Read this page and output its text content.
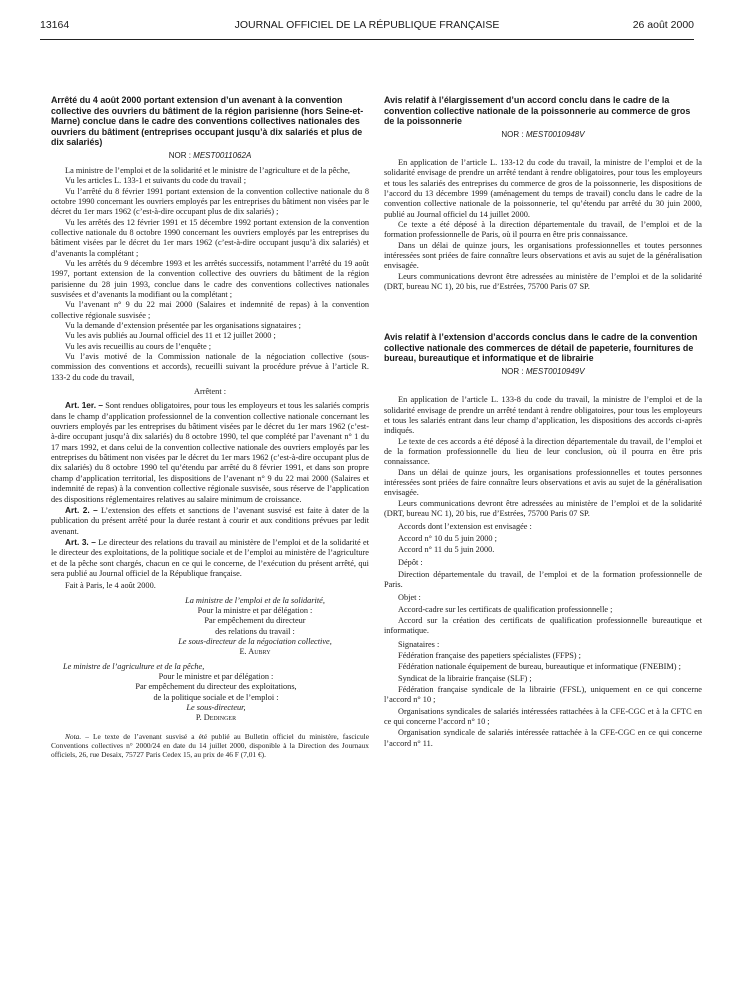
13164	JOURNAL OFFICIEL DE LA RÉPUBLIQUE FRANÇAISE	26 août 2000

Arrêté du 4 août 2000 portant extension d’un avenant à la convention collective des ouvriers du bâtiment de la région parisienne (hors Seine-et-Marne) conclue dans le cadre des conventions collectives nationales des ouvriers du bâtiment (entreprises occupant jusqu’à dix salariés et plus de dix salariés)

NOR : MEST0011062A

La ministre de l’emploi et de la solidarité et le ministre de l’agriculture et de la pêche,

Vu les articles L. 133-1 et suivants du code du travail ;

Vu l’arrêté du 8 février 1991 portant extension de la convention collective nationale du 8 octobre 1990 concernant les ouvriers employés par les entreprises du bâtiment non visées par le décret du 1er mars 1962 (c’est-à-dire occupant plus de dix salariés) ;

Vu les arrêtés des 12 février 1991 et 15 décembre 1992 portant extension de la convention collective nationale du 8 octobre 1990 concernant les ouvriers employés par les entreprises du bâtiment visées par le décret du 1er mars 1962 (c’est-à-dire occupant jusqu’à dix salariés) et d’avenants la complétant ;

Vu les arrêtés du 9 décembre 1993 et les arrêtés successifs, notamment l’arrêté du 19 août 1997, portant extension de la convention collective des ouvriers du bâtiment de la région parisienne du 28 juin 1993, conclue dans le cadre des conventions collectives nationales susvisées et d’avenants la modifiant ou la complétant ;

Vu l’avenant n° 9 du 22 mai 2000 (Salaires et indemnité de repas) à la convention collective régionale susvisée ;

Vu la demande d’extension présentée par les organisations signataires ;

Vu les avis publiés au Journal officiel des 11 et 12 juillet 2000 ;

Vu les avis recueillis au cours de l’enquête ;

Vu l’avis motivé de la Commission nationale de la négociation collective (sous-commission des conventions et accords), recueilli suivant la procédure prévue à l’article R. 133-2 du code du travail,

Arrêtent :

Art. 1er. – Sont rendues obligatoires, pour tous les employeurs et tous les salariés compris dans le champ d’application professionnel de la convention collective nationale concernant les ouvriers employés par les entreprises du bâtiment visées par le décret du 1er mars 1962 (c’est-à-dire occupant jusqu’à dix salariés) du 8 octobre 1990, tel que complété par l’avenant n° 1 du 17 mars 1992, et dans celui de la convention collective nationale des ouvriers employés par les entreprises du bâtiment non visées par le décret du 1er mars 1962 (c’est-à-dire occupant plus de dix salariés) du 8 octobre 1990 tel qu’étendu par arrêté du 8 février 1991, et dans son propre champ d’application territorial, les dispositions de l’avenant n° 9 du 22 mai 2000 (Salaires et indemnité de repas) à la convention collective régionale susvisée, sous réserve de l’application des dispositions réglementaires relatives au salaire minimum de croissance.

Art. 2. – L’extension des effets et sanctions de l’avenant susvisé est faite à dater de la publication du présent arrêté pour la durée restant à courir et aux conditions prévues par ledit avenant.

Art. 3. – Le directeur des relations du travail au ministère de l’emploi et de la solidarité et le directeur des exploitations, de la politique sociale et de l’emploi au ministère de l’agriculture et de la pêche sont chargés, chacun en ce qui le concerne, de l’exécution du présent arrêté, qui sera publié au Journal officiel de la République française.

Fait à Paris, le 4 août 2000.

La ministre de l’emploi et de la solidarité,
Pour la ministre et par délégation :
Par empêchement du directeur
des relations du travail :
Le sous-directeur de la négociation collective,
E. Aubry
Le ministre de l’agriculture et de la pêche,
Pour le ministre et par délégation :
Par empêchement du directeur des exploitations,
de la politique sociale et de l’emploi :
Le sous-directeur,
P. Dedinger

Nota. – Le texte de l’avenant susvisé a été publié au Bulletin officiel du ministère, fascicule Conventions collectives n° 2000/24 en date du 14 juillet 2000, disponible à la Direction des Journaux officiels, 26, rue Desaix, 75727 Paris Cedex 15, au prix de 46 F (7,01 €).

Avis relatif à l’élargissement d’un accord conclu dans le cadre de la convention collective nationale de la poissonnerie au commerce de gros de la poissonnerie

NOR : MEST0010948V

En application de l’article L. 133-12 du code du travail, la ministre de l’emploi et de la solidarité envisage de prendre un arrêté tendant à rendre obligatoires, pour tous les employeurs et tous les salariés des entreprises du commerce de gros de la poissonnerie, les dispositions de l’accord du 13 décembre 1999 (aménagement du temps de travail) conclu dans le cadre de la convention collective nationale de la poissonnerie, tel qu’étendu par arrêté du 30 juin 2000, publié au Journal officiel du 14 juillet 2000.

Ce texte a été déposé à la direction départementale du travail, de l’emploi et de la formation professionnelle de Paris, où il pourra en être pris connaissance.

Dans un délai de quinze jours, les organisations professionnelles et toutes personnes intéressées sont priées de faire connaître leurs observations et avis au sujet de la généralisation envisagée.

Leurs communications devront être adressées au ministère de l’emploi et de la solidarité (DRT, bureau NC 1), 20 bis, rue d’Estrées, 75700 Paris 07 SP.

Avis relatif à l’extension d’accords conclus dans le cadre de la convention collective nationale des commerces de détail de papeterie, fournitures de bureau, bureautique et informatique et de librairie

NOR : MEST0010949V

En application de l’article L. 133-8 du code du travail, la ministre de l’emploi et de la solidarité envisage de prendre un arrêté tendant à rendre obligatoires, pour tous les employeurs et tous les salariés entrant dans leur champ d’application, les dispositions des accords ci-après indiqués.

Le texte de ces accords a été déposé à la direction départementale du travail, de l’emploi et de la formation professionnelle du lieu de leur conclusion, où il pourra en être pris connaissance.

Dans un délai de quinze jours, les organisations professionnelles et toutes personnes intéressées sont priées de faire connaître leurs observations et avis au sujet de la généralisation envisagée.

Leurs communications devront être adressées au ministère de l’emploi et de la solidarité (DRT, bureau NC 1), 20 bis, rue d’Estrées, 75700 Paris 07 SP.

Accords dont l’extension est envisagée :

Accord n° 10 du 5 juin 2000 ;

Accord n° 11 du 5 juin 2000.

Dépôt :

Direction départementale du travail, de l’emploi et de la formation professionnelle de Paris.

Objet :

Accord-cadre sur les certificats de qualification professionnelle ;

Accord sur la création des certificats de qualification professionnelle bureautique et informatique.

Signataires :

Fédération française des papetiers spécialistes (FFPS) ;

Fédération nationale équipement de bureau, bureautique et informatique (FNEBIM) ;

Syndicat de la librairie française (SLF) ;

Fédération française syndicale de la librairie (FFSL), uniquement en ce qui concerne l’accord n° 10 ;

Organisations syndicales de salariés intéressées rattachées à la CFE-CGC et à la CFTC en ce qui concerne l’accord n° 10 ;

Organisation syndicale de salariés intéressée rattachée à la CFE-CGC en ce qui concerne l’accord n° 11.
